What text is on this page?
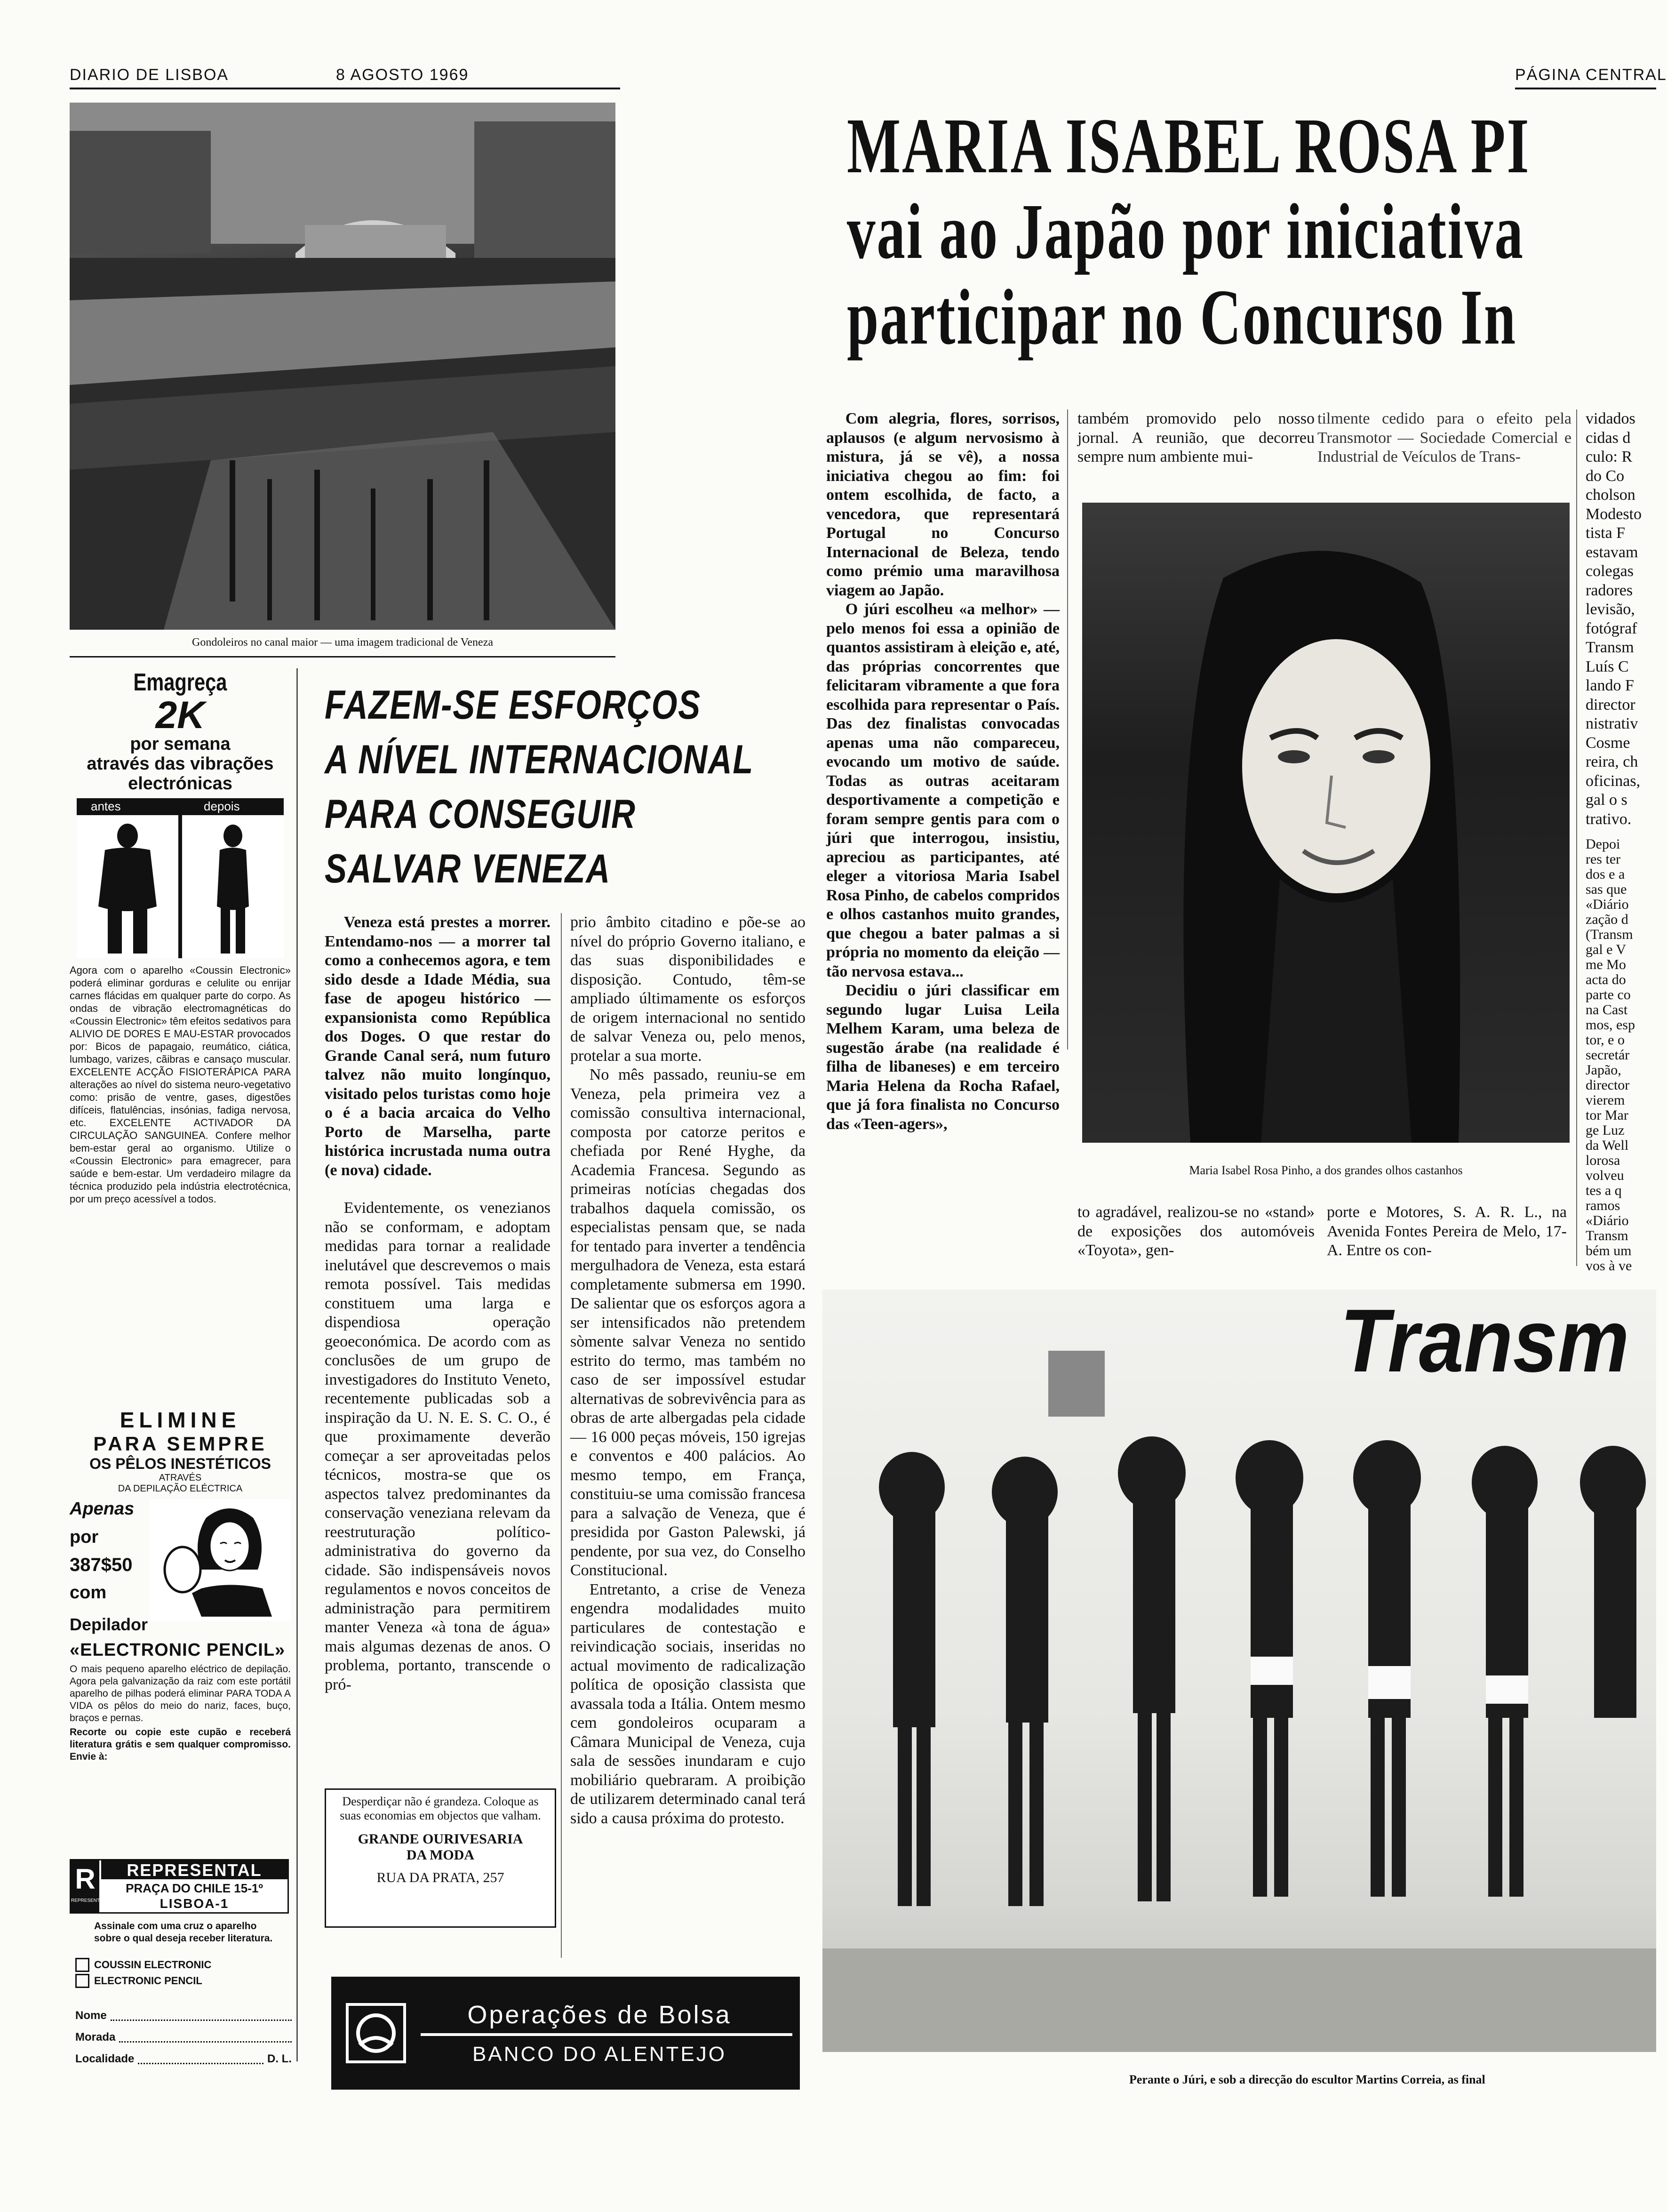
DIARIO DE LISBOA	8 AGOSTO 1969	PÁGINA CENTRAL
Gondoleiros no canal maior — uma imagem tradicional de Veneza
MARIA ISABEL ROSA PI
vai ao Japão por iniciativa
participar no Concurso In
Emagreça
2K
por semana
através das vibrações
electrónicas
antes	depois
Agora com o aparelho «Coussin Electronic» poderá eliminar gorduras e celulite ou enrijar carnes flácidas em qualquer parte do corpo. As ondas de vibração electromagnéticas do «Coussin Electronic» têm efeitos sedativos para ALIVIO DE DORES E MAU-ESTAR provocados por: Bicos de papagaio, reumático, ciática, lumbago, varizes, cãibras e cansaço muscular. EXCELENTE ACÇÃO FISIOTERÁPICA PARA alterações ao nível do sistema neuro-vegetativo como: prisão de ventre, gases, digestões difíceis, flatulências, insónias, fadiga nervosa, etc. EXCELENTE ACTIVADOR DA CIRCULAÇÃO SANGUINEA. Confere melhor bem-estar geral ao organismo. Utilize o «Coussin Electronic» para emagrecer, para saúde e bem-estar. Um verdadeiro milagre da técnica produzido pela indústria electrotécnica, por um preço acessível a todos.
ELIMINE
PARA SEMPRE
OS PÊLOS INESTÉTICOS
ATRAVÉS
DA DEPILAÇÃO ELÉCTRICA
Apenas
por
387$50
com
Depilador
«ELECTRONIC PENCIL»
O mais pequeno aparelho eléctrico de depilação. Agora pela galvanização da raiz com este portátil aparelho de pilhas poderá eliminar PARA TODA A VIDA os pêlos do meio do nariz, faces, buço, braços e pernas.
Recorte ou copie este cupão e receberá literatura grátis e sem qualquer compromisso. Envie à:
R
REPRESENTAL
REPRESENTAL
PRAÇA DO CHILE 15-1º
LISBOA-1
Assinale com uma cruz o aparelho sobre o qual deseja receber literatura.
COUSSIN ELECTRONIC
ELECTRONIC PENCIL
Nome
Morada
Localidade	D. L.
FAZEM-SE ESFORÇOS
A NÍVEL INTERNACIONAL
PARA CONSEGUIR
SALVAR VENEZA

Veneza está prestes a morrer. Entendamo-nos — a morrer tal como a conhecemos agora, e tem sido desde a Idade Média, sua fase de apogeu histórico — expansionista como República dos Doges. O que restar do Grande Canal será, num futuro talvez não muito longínquo, visitado pelos turistas como hoje o é a bacia arcaica do Velho Porto de Marselha, parte histórica incrustada numa outra (e nova) cidade.

Evidentemente, os venezianos não se conformam, e adoptam medidas para tornar a realidade inelutável que descrevemos o mais remota possível. Tais medidas constituem uma larga e dispendiosa operação geoeconómica. De acordo com as conclusões de um grupo de investigadores do Instituto Veneto, recentemente publicadas sob a inspiração da U. N. E. S. C. O., é que proximamente deverão começar a ser aproveitadas pelos técnicos, mostra-se que os aspectos talvez predominantes da conservação veneziana relevam da reestruturação político-administrativa do governo da cidade. São indispensáveis novos regulamentos e novos conceitos de administração para permitirem manter Veneza «à tona de água» mais algumas dezenas de anos. O problema, portanto, transcende o pró-

prio âmbito citadino e põe-se ao nível do próprio Governo italiano, e das suas disponibilidades e disposição. Contudo, têm-se ampliado últimamente os esforços de origem internacional no sentido de salvar Veneza ou, pelo menos, protelar a sua morte.

No mês passado, reuniu-se em Veneza, pela primeira vez a comissão consultiva internacional, composta por catorze peritos e chefiada por René Hyghe, da Academia Francesa. Segundo as primeiras notícias chegadas dos trabalhos daquela comissão, os especialistas pensam que, se nada for tentado para inverter a tendência mergulhadora de Veneza, esta estará completamente submersa em 1990. De salientar que os esforços agora a ser intensificados não pretendem sòmente salvar Veneza no sentido estrito do termo, mas também no caso de ser impossível estudar alternativas de sobrevivência para as obras de arte albergadas pela cidade — 16 000 peças móveis, 150 igrejas e conventos e 400 palácios. Ao mesmo tempo, em França, constituiu-se uma comissão francesa para a salvação de Veneza, que é presidida por Gaston Palewski, já pendente, por sua vez, do Conselho Constitucional.

Entretanto, a crise de Veneza engendra modalidades muito particulares de contestação e reivindicação sociais, inseridas no actual movimento de radicalização política de oposição classista que avassala toda a Itália. Ontem mesmo cem gondoleiros ocuparam a Câmara Municipal de Veneza, cuja sala de sessões inundaram e cujo mobiliário quebraram. A proibição de utilizarem determinado canal terá sido a causa próxima do protesto.

Desperdiçar não é grandeza. Coloque as suas economias em objectos que valham.
GRANDE OURIVESARIA
DA MODA
RUA DA PRATA, 257
Operações de Bolsa
BANCO DO ALENTEJO

Com alegria, flores, sorrisos, aplausos (e algum nervosismo à mistura, já se vê), a nossa iniciativa chegou ao fim: foi ontem escolhida, de facto, a vencedora, que representará Portugal no Concurso Internacional de Beleza, tendo como prémio uma maravilhosa viagem ao Japão.

O júri escolheu «a melhor» — pelo menos foi essa a opinião de quantos assistiram à eleição e, até, das próprias concorrentes que felicitaram vibramente a que fora escolhida para representar o País. Das dez finalistas convocadas apenas uma não compareceu, evocando um motivo de saúde. Todas as outras aceitaram desportivamente a competição e foram sempre gentis para com o júri que interrogou, insistiu, apreciou as participantes, até eleger a vitoriosa Maria Isabel Rosa Pinho, de cabelos compridos e olhos castanhos muito grandes, que chegou a bater palmas a si própria no momento da eleição — tão nervosa estava...

Decidiu o júri classificar em segundo lugar Luisa Leila Melhem Karam, uma beleza de sugestão árabe (na realidade é filha de libaneses) e em terceiro Maria Helena da Rocha Rafael, que já fora finalista no Concurso das «Teen-agers»,

também promovido pelo nosso jornal. A reunião, que decorreu sempre num ambiente mui-

tilmente cedido para o efeito pela Transmotor — Sociedade Comercial e Industrial de Veículos de Trans-

Maria Isabel Rosa Pinho, a dos grandes olhos castanhos

to agradável, realizou-se no «stand» de exposições dos automóveis «Toyota», gen-

porte e Motores, S. A. R. L., na Avenida Fontes Pereira de Melo, 17-A. Entre os con-

vidados
cidas d
culo: R
do Co
cholson
Modesto
tista F
estavam
colegas
radores
levisão,
fotógraf
Transm
Luís C
lando F
director
nistrativ
Cosme
reira, ch
oficinas,
gal o s
trativo.
Depoi
res ter
dos e a
sas que
«Diário
zação d
(Transm
gal e V
me Mo
acta do
parte co
na Cast
mos, esp
tor, e o
secretár
Japão,
director
vierem
tor Mar
ge Luz
da Well
lorosa
volveu
tes a q
ramos
«Diário
Transm
bém um
vos à ve
Transm
Perante o Júri, e sob a direcção do escultor Martins Correia, as final
